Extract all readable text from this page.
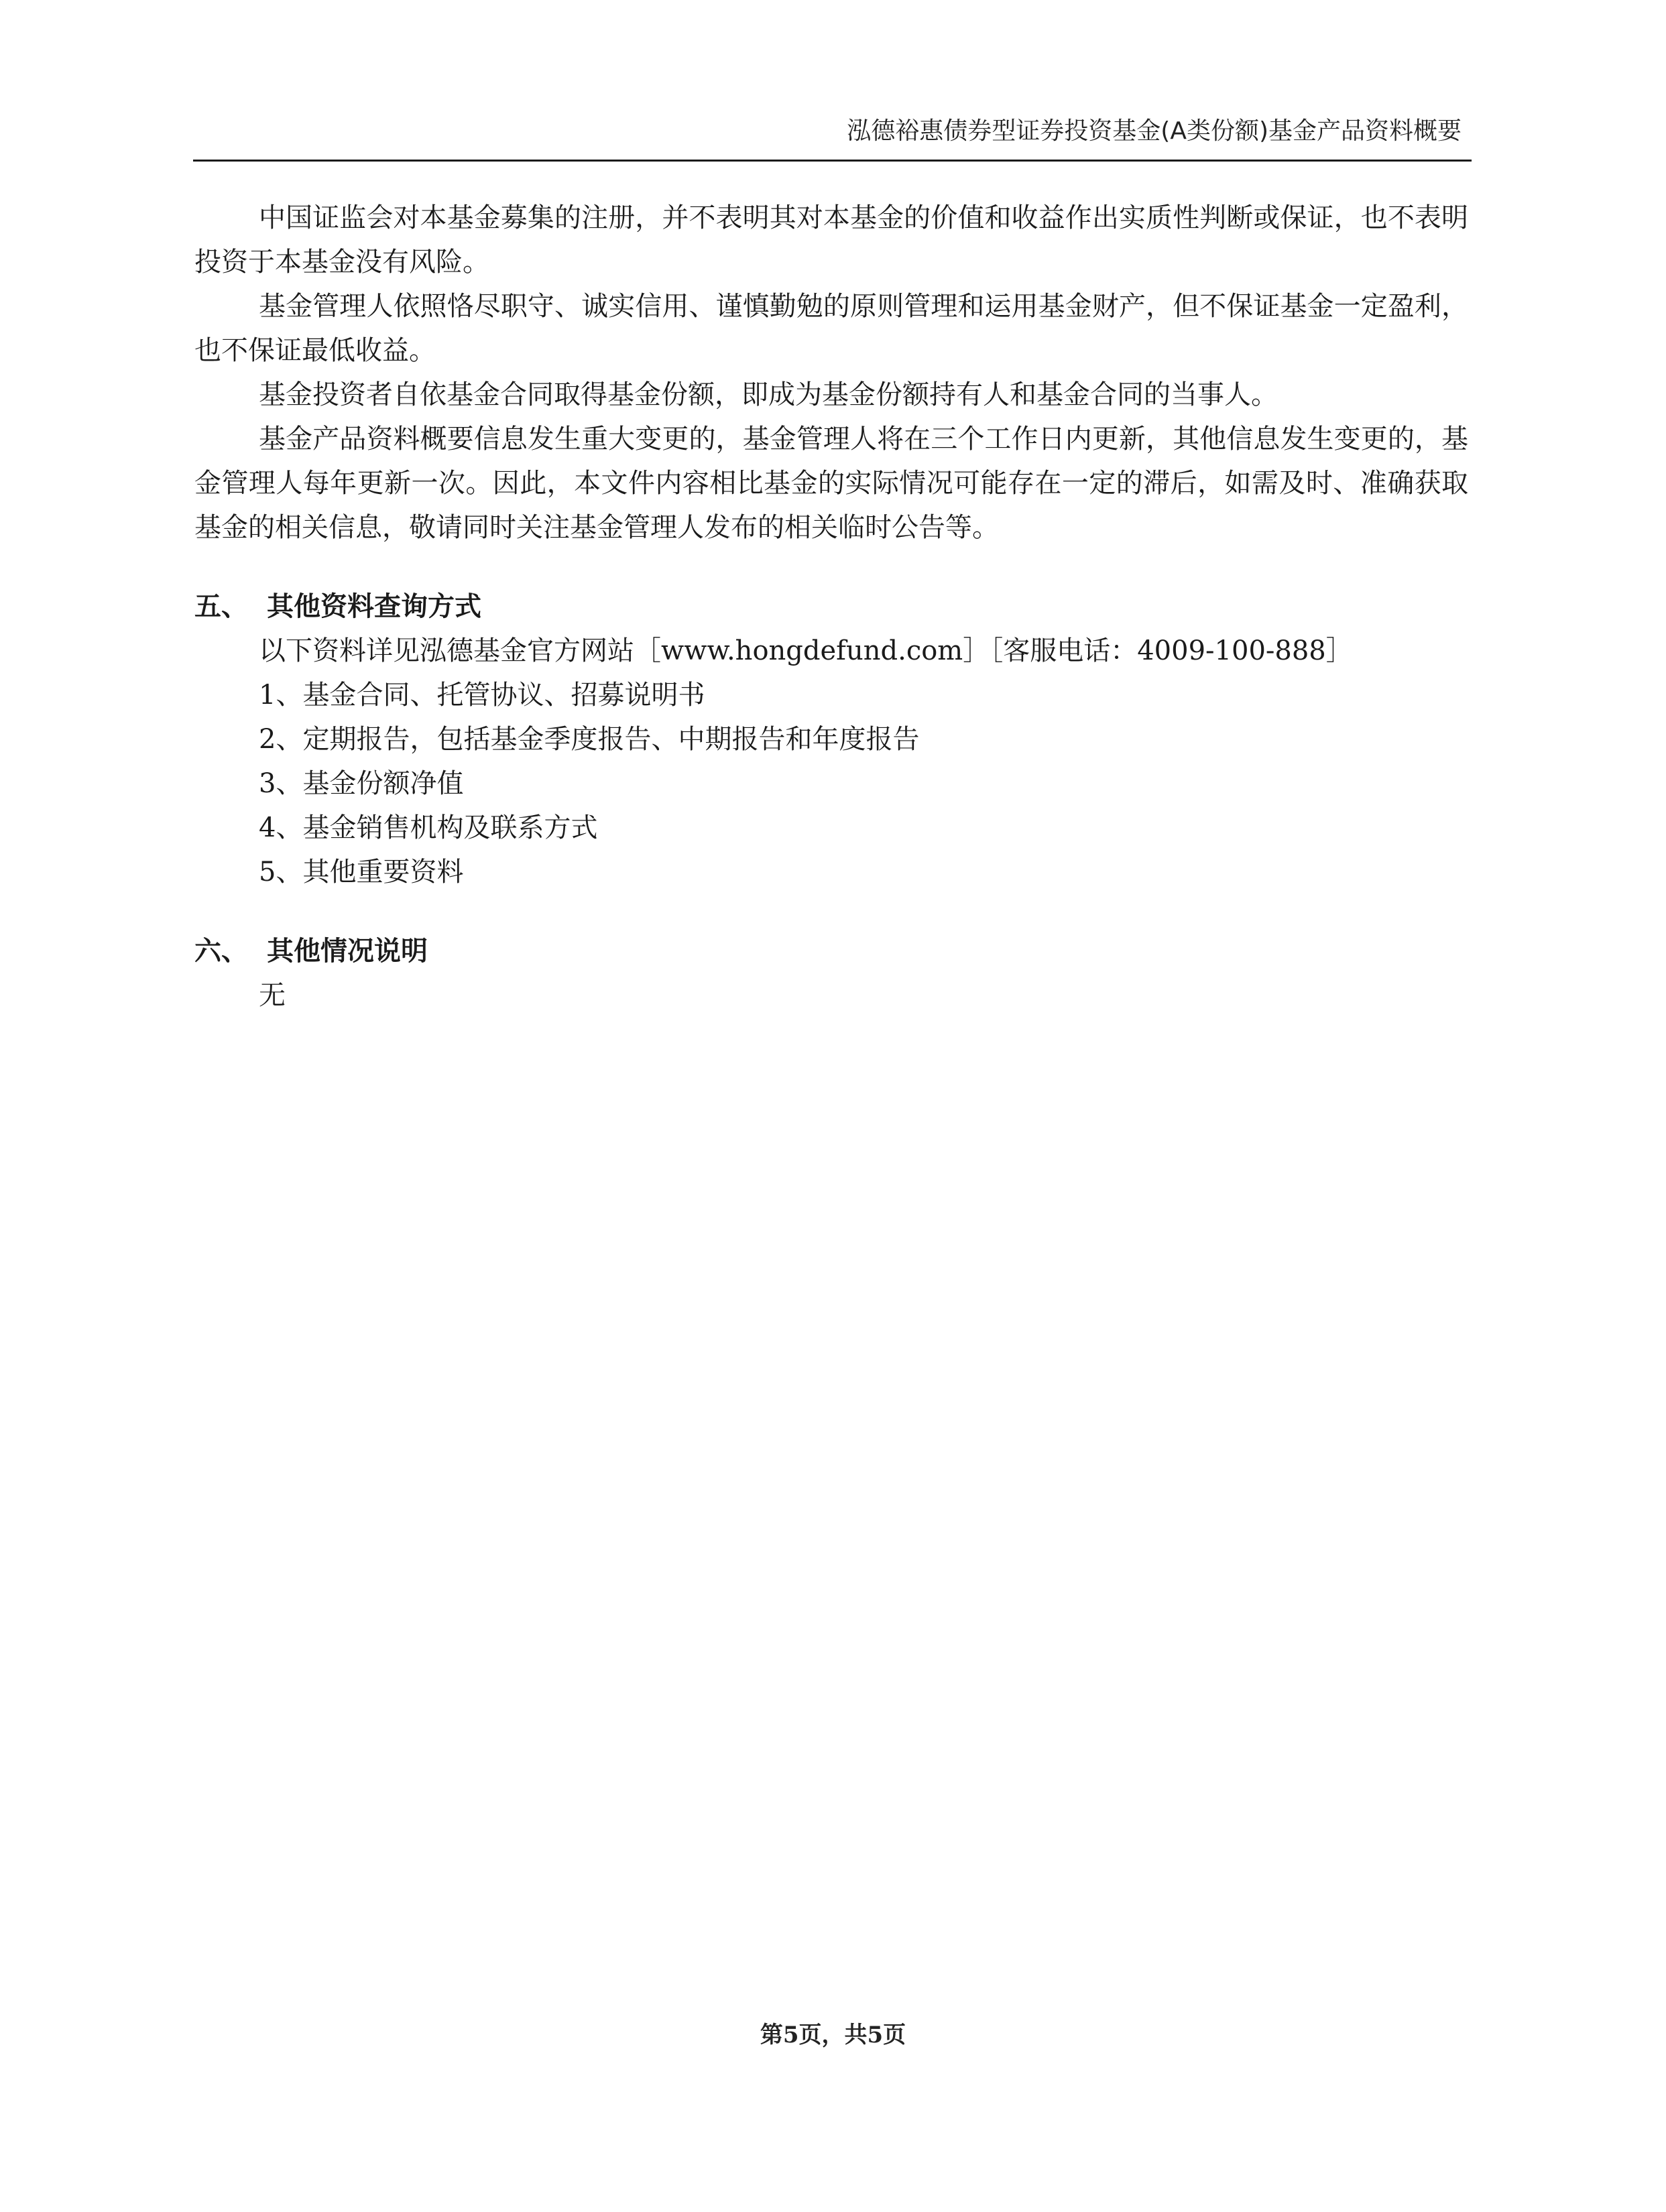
泓德裕惠债券型证券投资基金(A类份额)基金产品资料概要

中国证监会对本基金募集的注册，并不表明其对本基金的价值和收益作出实质性判断或保证，也不表明投资于本基金没有风险。

基金管理人依照恪尽职守、诚实信用、谨慎勤勉的原则管理和运用基金财产，但不保证基金一定盈利，也不保证最低收益。

基金投资者自依基金合同取得基金份额，即成为基金份额持有人和基金合同的当事人。

基金产品资料概要信息发生重大变更的，基金管理人将在三个工作日内更新，其他信息发生变更的，基金管理人每年更新一次。因此，本文件内容相比基金的实际情况可能存在一定的滞后，如需及时、准确获取基金的相关信息，敬请同时关注基金管理人发布的相关临时公告等。

五、 其他资料查询方式

以下资料详见泓德基金官方网站［www.hongdefund.com］［客服电话：4009-100-888］

1、基金合同、托管协议、招募说明书

2、定期报告，包括基金季度报告、中期报告和年度报告

3、基金份额净值

4、基金销售机构及联系方式

5、其他重要资料

六、 其他情况说明

无

第5页，共5页
